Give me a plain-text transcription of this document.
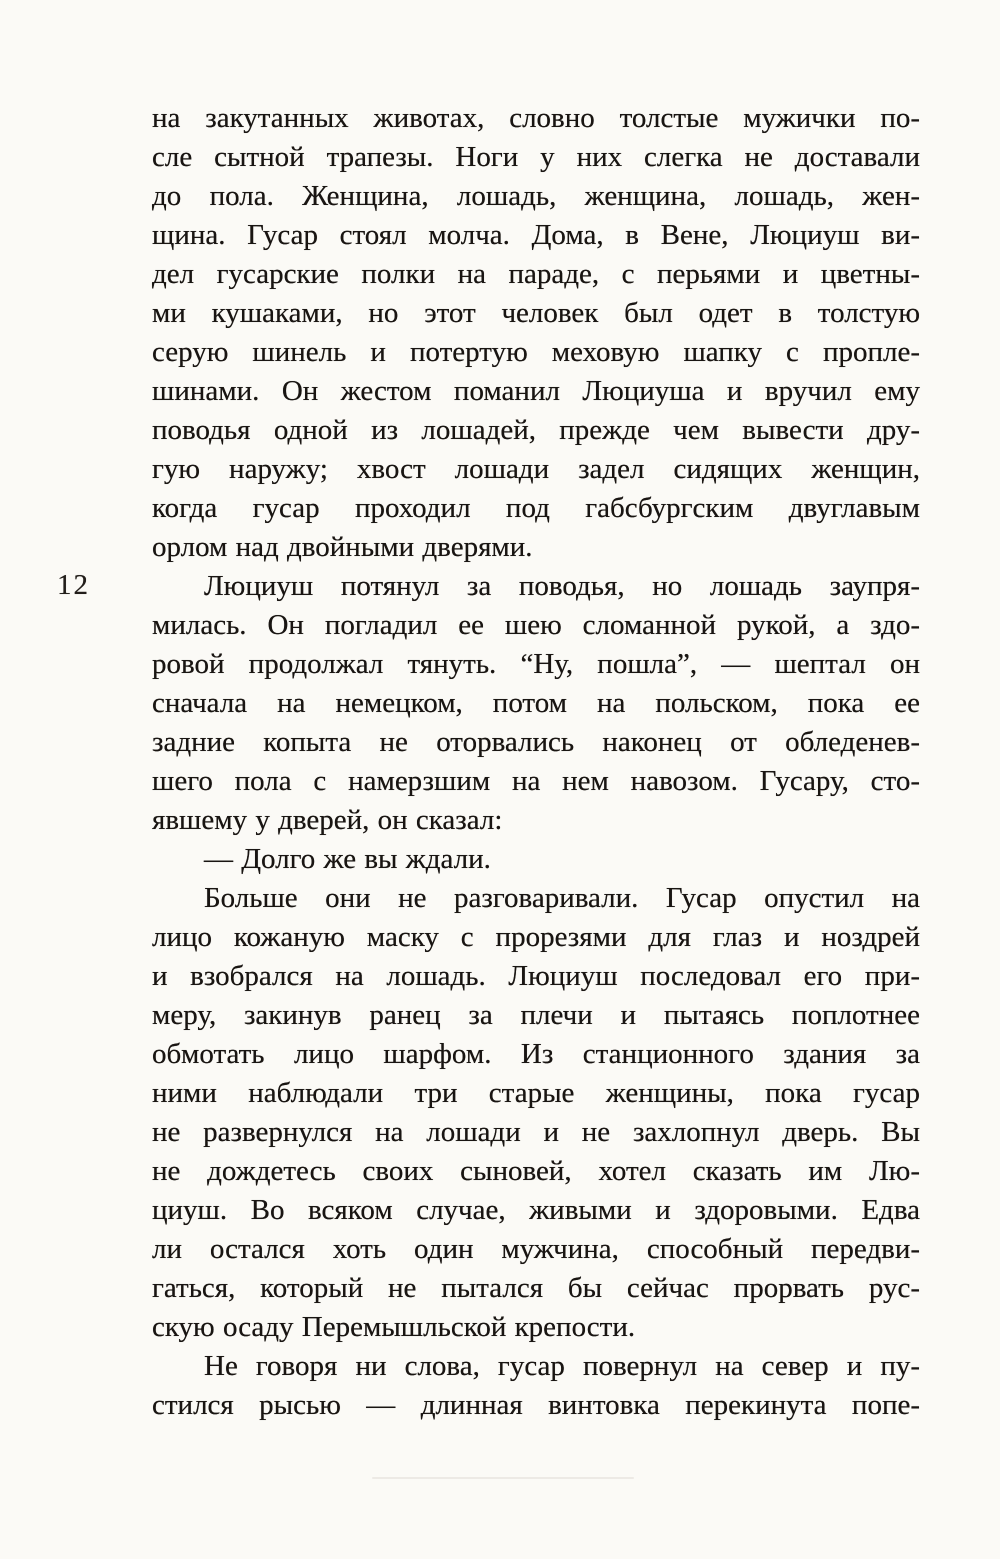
12
на закутанных животах, словно толстые мужички по-
сле сытной трапезы. Ноги у них слегка не доставали
до пола. Женщина, лошадь, женщина, лошадь, жен-
щина. Гусар стоял молча. Дома, в Вене, Люциуш ви-
дел гусарские полки на параде, с перьями и цветны-
ми кушаками, но этот человек был одет в толстую
серую шинель и потертую меховую шапку с пропле-
шинами. Он жестом поманил Люциуша и вручил ему
поводья одной из лошадей, прежде чем вывести дру-
гую наружу; хвост лошади задел сидящих женщин,
когда гусар проходил под габсбургским двуглавым
орлом над двойными дверями.
Люциуш потянул за поводья, но лошадь заупря-
милась. Он погладил ее шею сломанной рукой, а здо-
ровой продолжал тянуть. “Ну, пошла”, — шептал он
сначала на немецком, потом на польском, пока ее
задние копыта не оторвались наконец от обледенев-
шего пола с намерзшим на нем навозом. Гусару, сто-
явшему у дверей, он сказал:
— Долго же вы ждали.
Больше они не разговаривали. Гусар опустил на
лицо кожаную маску с прорезями для глаз и ноздрей
и взобрался на лошадь. Люциуш последовал его при-
меру, закинув ранец за плечи и пытаясь поплотнее
обмотать лицо шарфом. Из станционного здания за
ними наблюдали три старые женщины, пока гусар
не развернулся на лошади и не захлопнул дверь. Вы
не дождетесь своих сыновей, хотел сказать им Лю-
циуш. Во всяком случае, живыми и здоровыми. Едва
ли остался хоть один мужчина, способный передви-
гаться, который не пытался бы сейчас прорвать рус-
скую осаду Перемышльской крепости.
Не говоря ни слова, гусар повернул на север и пу-
стился рысью — длинная винтовка перекинута попе-
